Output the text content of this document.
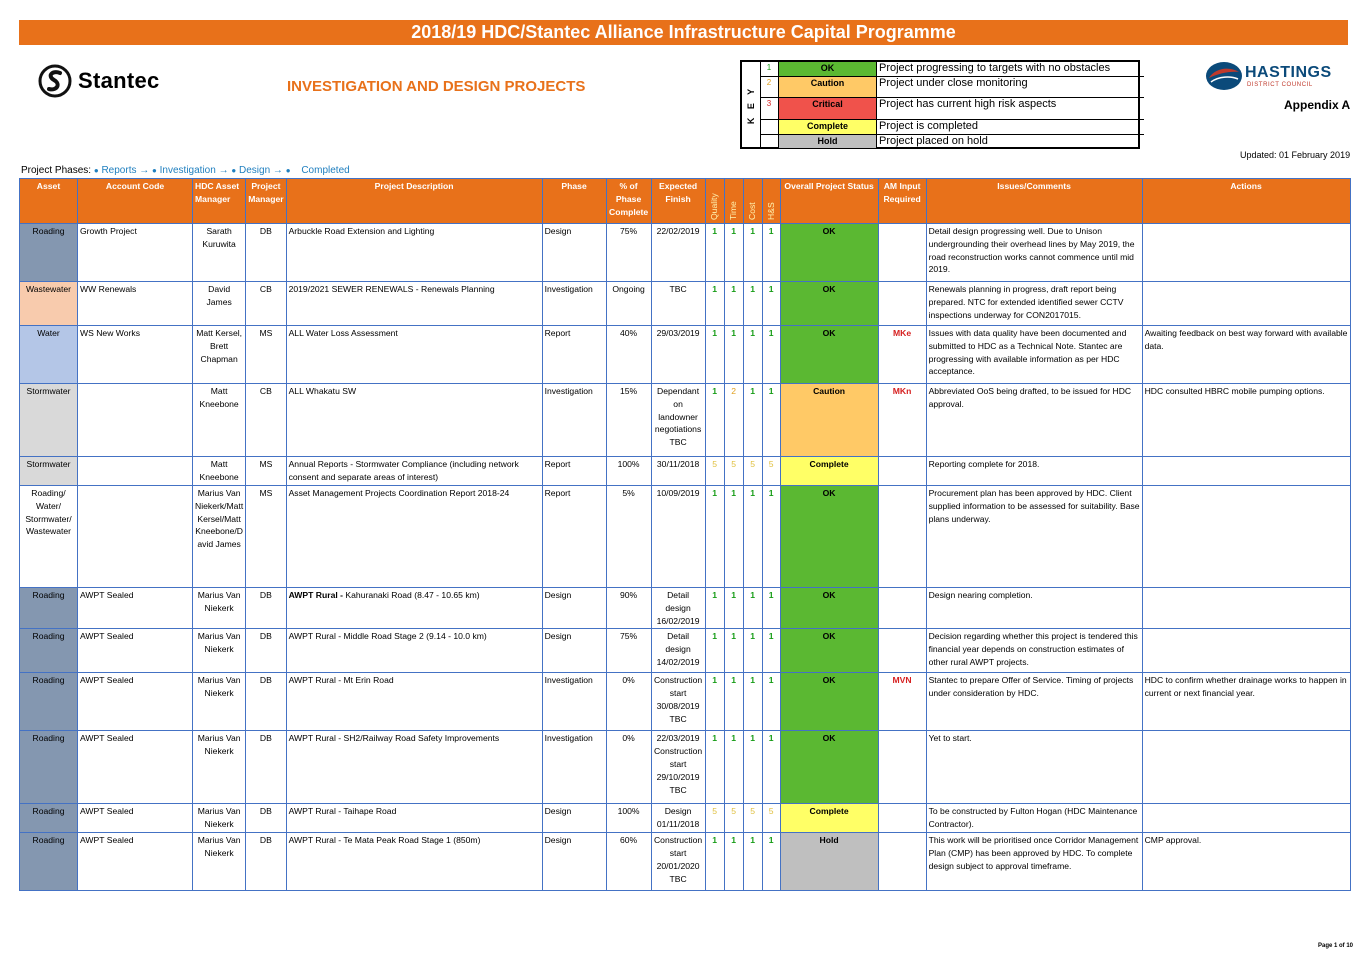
2018/19 HDC/Stantec Alliance Infrastructure Capital Programme
Stantec	INVESTIGATION AND DESIGN PROJECTS	K E Y
1	OK	Project progressing to targets with no obstacles
2	Caution	Project under close monitoring
3	Critical	Project has current high risk aspects
Complete	Project is completed
Hold	Project placed on hold
HASTINGS
DISTRICT COUNCIL
Appendix A
Updated: 01 February 2019
Project Phases: ● Reports → ● Investigation → ● Design → ● Completed
Asset	Account Code	HDC Asset Manager	Project Manager	Project Description	Phase	% of Phase Complete	Expected Finish	Quality	Time	Cost	H&S	Overall Project Status	AM Input Required	Issues/Comments	Actions
Roading	Growth Project	Sarath Kuruwita	DB	Arbuckle Road Extension and Lighting	Design	75%	22/02/2019	1	1	1	1	OK		Detail design progressing well. Due to Unison undergrounding their overhead lines by May 2019, the road reconstruction works cannot commence until mid 2019.	
Wastewater	WW Renewals	David James	CB	2019/2021 SEWER RENEWALS - Renewals Planning	Investigation	Ongoing	TBC	1	1	1	1	OK		Renewals planning in progress, draft report being prepared. NTC for extended identified sewer CCTV inspections underway for CON2017015.	
Water	WS New Works	Matt Kersel, Brett Chapman	MS	ALL Water Loss Assessment	Report	40%	29/03/2019	1	1	1	1	OK	MKe	Issues with data quality have been documented and submitted to HDC as a Technical Note. Stantec are progressing with available information as per HDC acceptance.	Awaiting feedback on best way forward with available data.
Stormwater		Matt Kneebone	CB	ALL Whakatu SW	Investigation	15%	Dependant on landowner negotiations TBC	1	2	1	1	Caution	MKn	Abbreviated OoS being drafted, to be issued for HDC approval.	HDC consulted HBRC mobile pumping options.
Stormwater		Matt Kneebone	MS	Annual Reports - Stormwater Compliance (including network consent and separate areas of interest)	Report	100%	30/11/2018	5	5	5	5	Complete		Reporting complete for 2018.	
Roading/ Water/ Stormwater/ Wastewater		Marius Van Niekerk/Matt Kersel/Matt Kneebone/D avid James	MS	Asset Management Projects Coordination Report 2018-24	Report	5%	10/09/2019	1	1	1	1	OK		Procurement plan has been approved by HDC. Client supplied information to be assessed for suitability. Base plans underway.	
Roading	AWPT Sealed	Marius Van Niekerk	DB	AWPT Rural - Kahuranaki Road (8.47 - 10.65 km)	Design	90%	Detail design 16/02/2019	1	1	1	1	OK		Design nearing completion.	
Roading	AWPT Sealed	Marius Van Niekerk	DB	AWPT Rural - Middle Road Stage 2 (9.14 - 10.0 km)	Design	75%	Detail design 14/02/2019	1	1	1	1	OK		Decision regarding whether this project is tendered this financial year depends on construction estimates of other rural AWPT projects.	
Roading	AWPT Sealed	Marius Van Niekerk	DB	AWPT Rural - Mt Erin Road	Investigation	0%	Construction start 30/08/2019 TBC	1	1	1	1	OK	MVN	Stantec to prepare Offer of Service. Timing of projects under consideration by HDC.	HDC to confirm whether drainage works to happen in current or next financial year.
Roading	AWPT Sealed	Marius Van Niekerk	DB	AWPT Rural - SH2/Railway Road Safety Improvements	Investigation	0%	22/03/2019 Construction start 29/10/2019 TBC	1	1	1	1	OK		Yet to start.	
Roading	AWPT Sealed	Marius Van Niekerk	DB	AWPT Rural - Taihape Road	Design	100%	Design 01/11/2018	5	5	5	5	Complete		To be constructed by Fulton Hogan (HDC Maintenance Contractor).	
Roading	AWPT Sealed	Marius Van Niekerk	DB	AWPT Rural - Te Mata Peak Road Stage 1 (850m)	Design	60%	Construction start 20/01/2020 TBC	1	1	1	1	Hold		This work will be prioritised once Corridor Management Plan (CMP) has been approved by HDC. To complete design subject to approval timeframe.	CMP approval.
Page 1 of 10
